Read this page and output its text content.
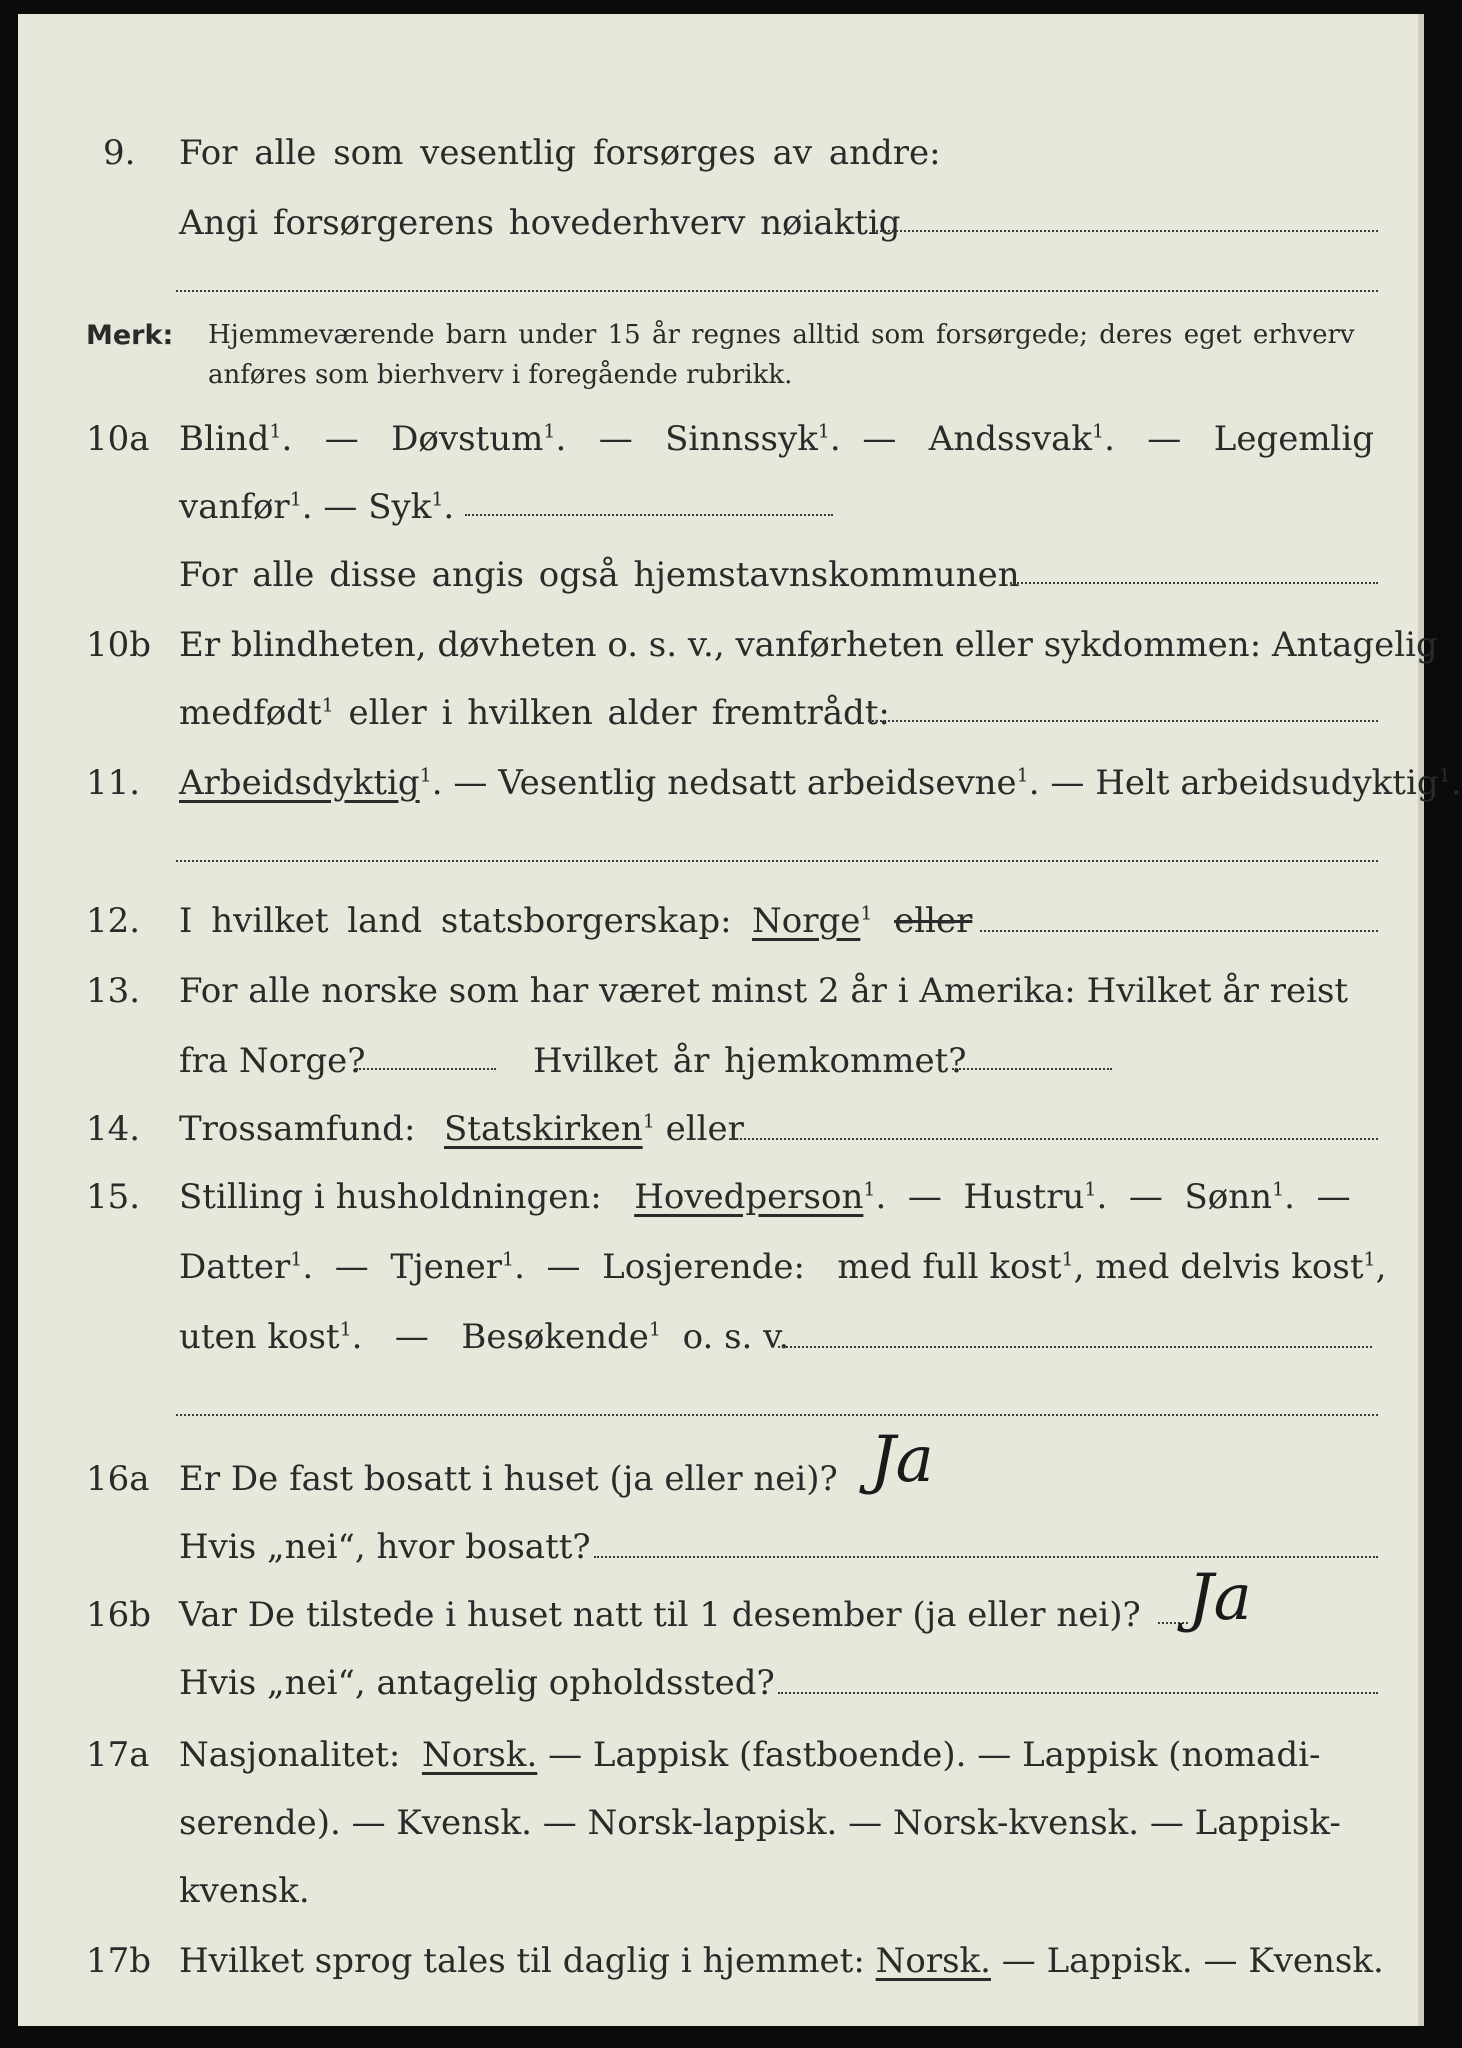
9. For alle som vesentlig forsørges av andre:
Angi forsørgerens hovederhverv nøiaktig
Merk: Hjemmeværende barn under 15 år regnes alltid som forsørgede; deres eget erhverv
anføres som bierhverv i foregående rubrikk.
10a Blind$^1$.   — Døvstum$^1$.   — Sinnssyk$^1$.  — Andssvak$^1$.   — Legemlig
vanfør$^1$. — Syk$^1$.
For alle disse angis også hjemstavnskommunen
10b Er blindheten, døvheten o. s. v., vanførheten eller sykdommen: Antagelig
medfødt$^1$ eller i hvilken alder fremtrådt:
11. Arbeidsdyktig$^1$. — Vesentlig nedsatt arbeidsevne$^1$. — Helt arbeidsudyktig$^1$.
12. I hvilket land statsborgerskap: Norge$^1$ eller
13. For alle norske som har været minst 2 år i Amerika: Hvilket år reist
fra Norge?	Hvilket år hjemkommet?
14. Trossamfund: Statskirken$^1$ eller
15. Stilling i husholdningen: Hovedperson$^1$.  — Hustru$^1$.  — Sønn$^1$.  —
Datter$^1$.  — Tjener$^1$.  — Losjerende: med full kost$^1$, med delvis kost$^1$,
uten kost$^1$.   — Besøkende$^1$ o. s. v.
16a Er De fast bosatt i huset (ja eller nei)? Ja
Hvis „nei“, hvor bosatt?
16b Var De tilstede i huset natt til 1 desember (ja eller nei)? Ja
Hvis „nei“, antagelig opholdssted?
17a Nasjonalitet: Norsk. — Lappisk (fastboende). — Lappisk (nomadi-
serende). — Kvensk. — Norsk-lappisk. — Norsk-kvensk. — Lappisk-
kvensk.
17b Hvilket sprog tales til daglig i hjemmet: Norsk. — Lappisk. — Kvensk.
